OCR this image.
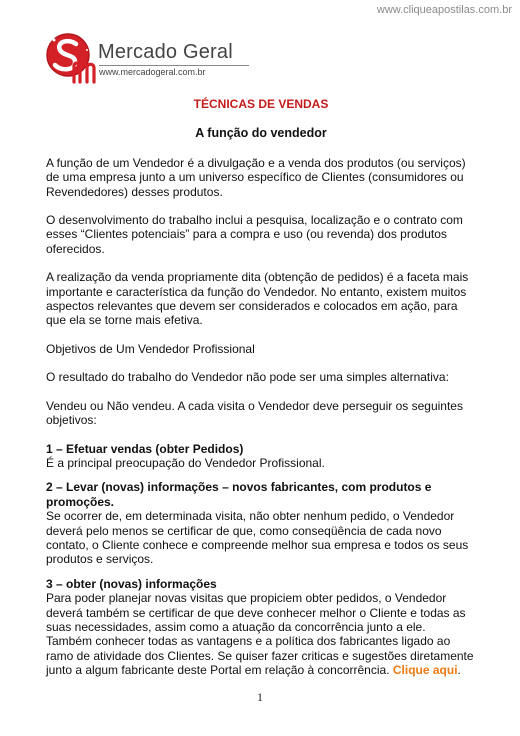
www.cliqueapostilas.com.br
Mercado Geral
www.mercadogeral.com.br
TÉCNICAS DE VENDAS
A função do vendedor

A função de um Vendedor é a divulgação e a venda dos produtos (ou serviços) de uma empresa junto a um universo específico de Clientes (consumidores ou Revendedores) desses produtos.

O desenvolvimento do trabalho inclui a pesquisa, localização e o contrato com esses “Clientes potenciais” para a compra e uso (ou revenda) dos produtos oferecidos.

A realização da venda propriamente dita (obtenção de pedidos) é a faceta mais importante e característica da função do Vendedor. No entanto, existem muitos aspectos relevantes que devem ser considerados e colocados em ação, para que ela se torne mais efetiva.

Objetivos de Um Vendedor Profissional

O resultado do trabalho do Vendedor não pode ser uma simples alternativa:

Vendeu ou Não vendeu. A cada visita o Vendedor deve perseguir os seguintes objetivos:

1 – Efetuar vendas (obter Pedidos)
É a principal preocupação do Vendedor Profissional.
2 – Levar (novas) informações – novos fabricantes, com produtos e promoções.
Se ocorrer de, em determinada visita, não obter nenhum pedido, o Vendedor deverá pelo menos se certificar de que, como conseqüência de cada novo contato, o Cliente conhece e compreende melhor sua empresa e todos os seus produtos e serviços.
3 – obter (novas) informações
Para poder planejar novas visitas que propiciem obter pedidos, o Vendedor deverá também se certificar de que deve conhecer melhor o Cliente e todas as suas necessidades, assim como a atuação da concorrência junto a ele.
Também conhecer todas as vantagens e a política dos fabricantes ligado ao ramo de atividade dos Clientes. Se quiser fazer criticas e sugestões diretamente junto a algum fabricante deste Portal em relação à concorrência. Clique aqui.
1
